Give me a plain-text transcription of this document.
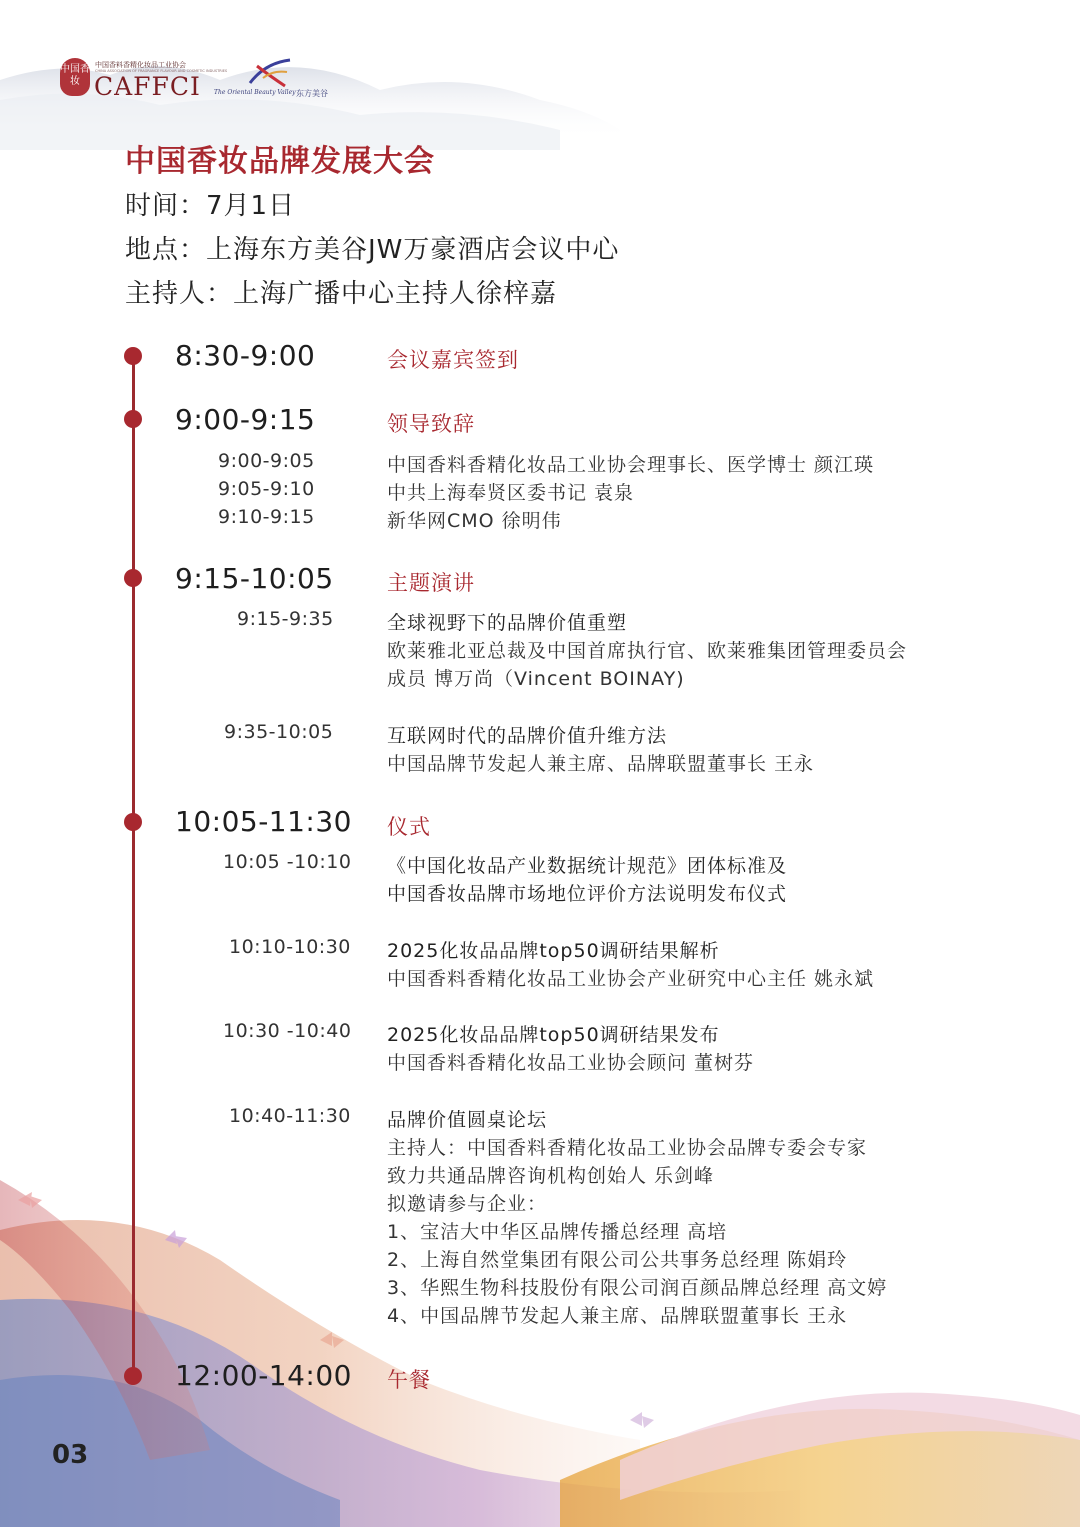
中国香妆
中国香料香精化妆品工业协会
CHINA ASSOCIATION OF FRAGRANCE FLAVOUR AND COSMETIC INDUSTRIES
CAFFCI The Oriental Beauty Valley 东方美谷
中国香妆品牌发展大会
时间：7月1日
地点：上海东方美谷JW万豪酒店会议中心
主持人：上海广播中心主持人徐梓嘉
8:30-9:00	会议嘉宾签到
9:00-9:15	领导致辞
9:00-9:05	中国香料香精化妆品工业协会理事长、医学博士 颜江瑛
9:05-9:10	中共上海奉贤区委书记 袁泉
9:10-9:15	新华网CMO 徐明伟
9:15-10:05	主题演讲
9:15-9:35	全球视野下的品牌价值重塑
欧莱雅北亚总裁及中国首席执行官、欧莱雅集团管理委员会
成员 博万尚（Vincent BOINAY)
9:35-10:05	互联网时代的品牌价值升维方法
中国品牌节发起人兼主席、品牌联盟董事长 王永
10:05-11:30 仪式
10:05 -10:10 《中国化妆品产业数据统计规范》团体标准及
中国香妆品牌市场地位评价方法说明发布仪式
10:10-10:30 2025化妆品品牌top50调研结果解析
中国香料香精化妆品工业协会产业研究中心主任 姚永斌
10:30 -10:40 2025化妆品品牌top50调研结果发布
中国香料香精化妆品工业协会顾问 董树芬
10:40-11:30 品牌价值圆桌论坛
主持人：中国香料香精化妆品工业协会品牌专委会专家
致力共通品牌咨询机构创始人 乐剑峰
拟邀请参与企业：
1、宝洁大中华区品牌传播总经理 高培
2、上海自然堂集团有限公司公共事务总经理 陈娟玲
3、华熙生物科技股份有限公司润百颜品牌总经理 高文婷
4、中国品牌节发起人兼主席、品牌联盟董事长 王永
12:00-14:00 午餐
03
